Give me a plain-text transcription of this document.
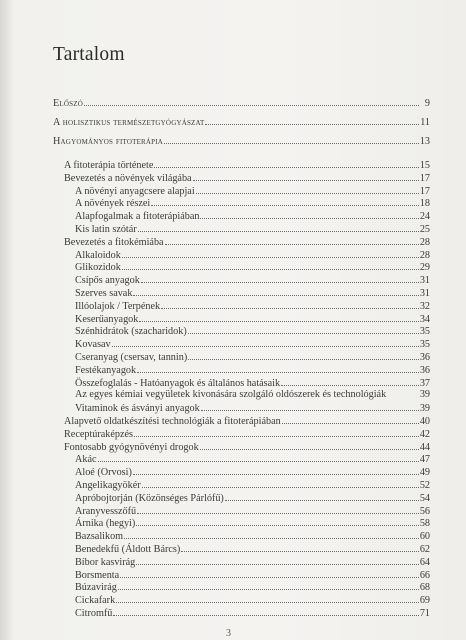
Tartalom
Előszó	9
A holisztikus természetgyógyászat	11
Hagyományos fitoterápia	13
A fitoterápia története	15
Bevezetés a növények világába	17
A növényi anyagcsere alapjai	17
A növények részei	18
Alapfogalmak a fitoterápiában	24
Kis latin szótár	25
Bevezetés a fitokémiába	28
Alkaloidok	28
Glikozidok	29
Csípős anyagok	31
Szerves savak	31
Illóolajok / Terpének	32
Keserűanyagok	34
Szénhidrátok (szacharidok)	35
Kovasav	35
Cseranyag (csersav, tannin)	36
Festékanyagok	36
Összefoglalás - Hatóanyagok és általános hatásaik	37
Az egyes kémiai vegyületek kivonására szolgáló oldószerek és technológiák	39
Vitaminok és ásványi anyagok	39
Alapvető oldatkészítési technológiák a fitoterápiában	40
Receptúraképzés	42
Fontosabb gyógynövényi drogok	44
Akác	47
Aloé (Orvosi)	49
Angelikagyökér	52
Apróbojtorján (Közönséges Párlófű)	54
Aranyvesszőfű	56
Árnika (hegyi)	58
Bazsalikom	60
Benedekfű (Áldott Bárcs)	62
Bíbor kasvirág	64
Borsmenta	66
Búzavirág	68
Cickafark	69
Citromfű	71
3
